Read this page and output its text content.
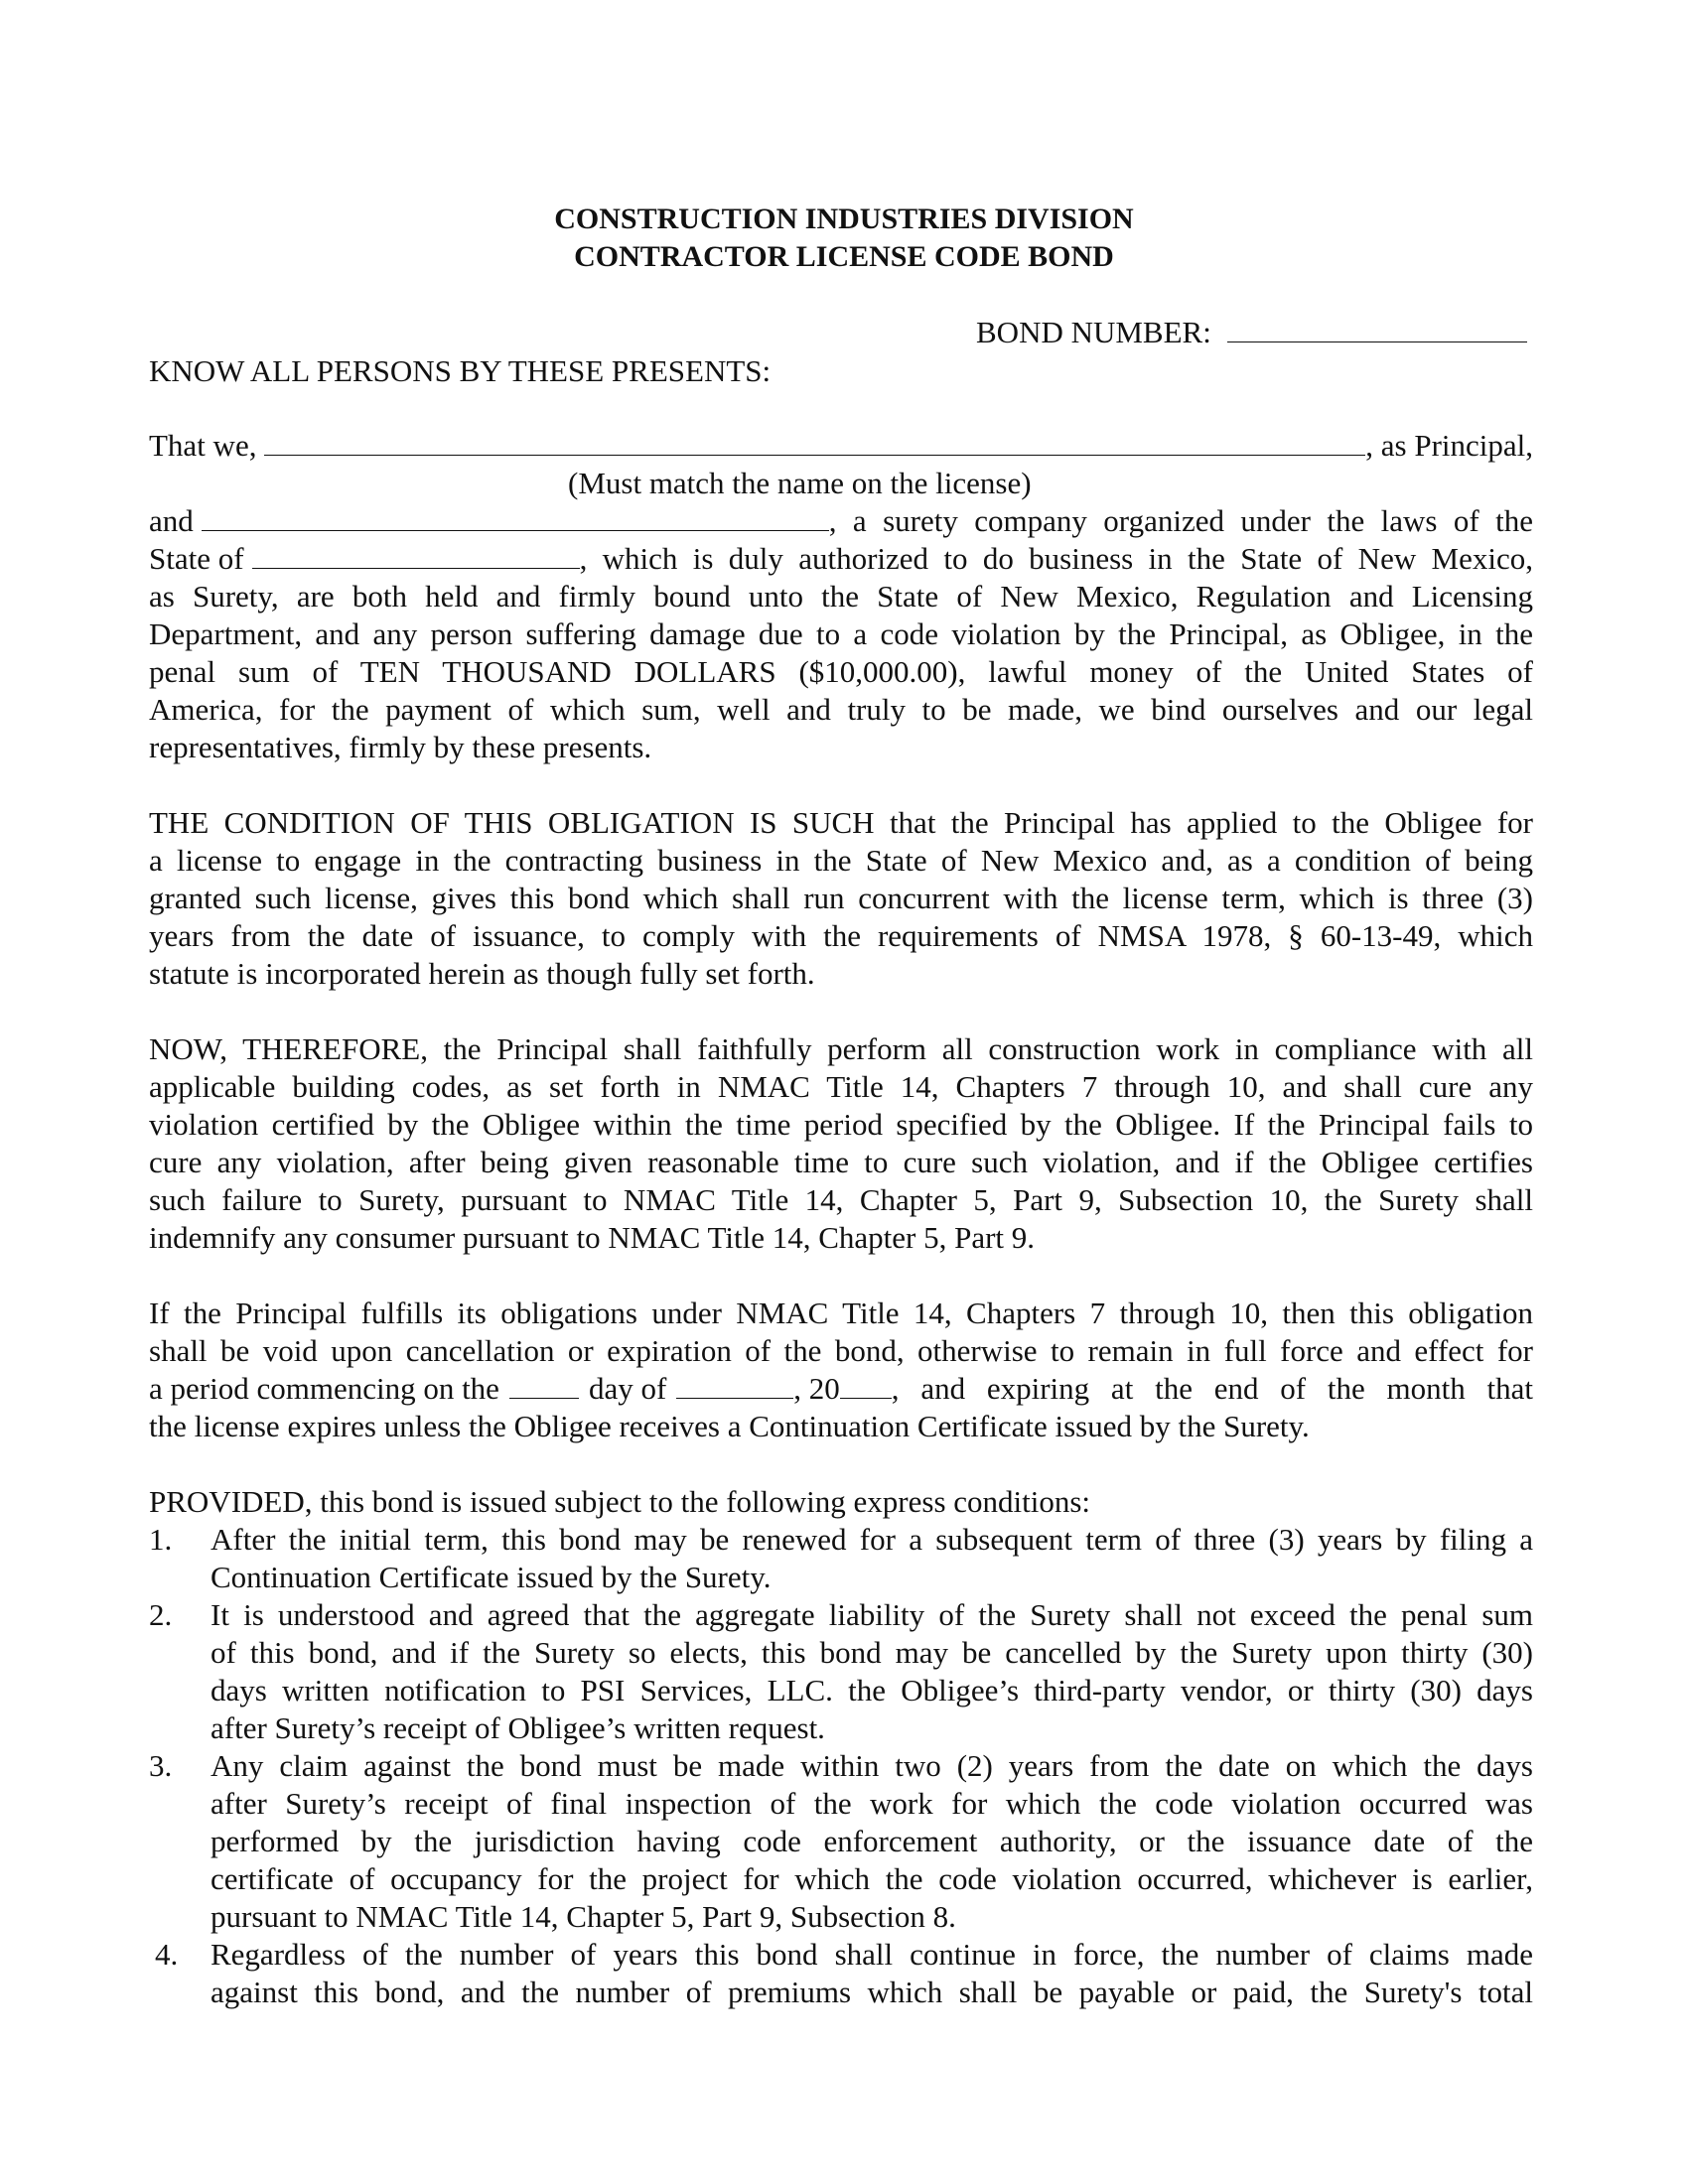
CONSTRUCTION INDUSTRIES DIVISION
CONTRACTOR LICENSE CODE BOND
BOND NUMBER:
KNOW ALL PERSONS BY THESE PRESENTS:
That we,	, as Principal,
(Must match the name on the license)
and	, a surety company organized under the laws of the
State of	, which is duly authorized to do business in the State of New Mexico,
as Surety, are both held and firmly bound unto the State of New Mexico, Regulation and Licensing
Department, and any person suffering damage due to a code violation by the Principal, as Obligee, in the
penal sum of TEN THOUSAND DOLLARS ($10,000.00), lawful money of the United States of
America, for the payment of which sum, well and truly to be made, we bind ourselves and our legal
representatives, firmly by these presents.
THE CONDITION OF THIS OBLIGATION IS SUCH that the Principal has applied to the Obligee for
a license to engage in the contracting business in the State of New Mexico and, as a condition of being
granted such license, gives this bond which shall run concurrent with the license term, which is three (3)
years from the date of issuance, to comply with the requirements of NMSA 1978, § 60-13-49, which
statute is incorporated herein as though fully set forth.
NOW, THEREFORE, the Principal shall faithfully perform all construction work in compliance with all
applicable building codes, as set forth in NMAC Title 14, Chapters 7 through 10, and shall cure any
violation certified by the Obligee within the time period specified by the Obligee. If the Principal fails to
cure any violation, after being given reasonable time to cure such violation, and if the Obligee certifies
such failure to Surety, pursuant to NMAC Title 14, Chapter 5, Part 9, Subsection 10, the Surety shall
indemnify any consumer pursuant to NMAC Title 14, Chapter 5, Part 9.
If the Principal fulfills its obligations under NMAC Title 14, Chapters 7 through 10, then this obligation
shall be void upon cancellation or expiration of the bond, otherwise to remain in full force and effect for
a period commencing on the	day of	, 20 , and expiring at the end of the month that
the license expires unless the Obligee receives a Continuation Certificate issued by the Surety.
PROVIDED, this bond is issued subject to the following express conditions:
1. After the initial term, this bond may be renewed for a subsequent term of three (3) years by filing a
Continuation Certificate issued by the Surety.
2. It is understood and agreed that the aggregate liability of the Surety shall not exceed the penal sum
of this bond, and if the Surety so elects, this bond may be cancelled by the Surety upon thirty (30)
days written notification to PSI Services, LLC. the Obligee’s third-party vendor, or thirty (30) days
after Surety’s receipt of Obligee’s written request.
3. Any claim against the bond must be made within two (2) years from the date on which the days
after Surety’s receipt of final inspection of the work for which the code violation occurred was
performed by the jurisdiction having code enforcement authority, or the issuance date of the
certificate of occupancy for the project for which the code violation occurred, whichever is earlier,
pursuant to NMAC Title 14, Chapter 5, Part 9, Subsection 8.
4. Regardless of the number of years this bond shall continue in force, the number of claims made
against this bond, and the number of premiums which shall be payable or paid, the Surety's total
